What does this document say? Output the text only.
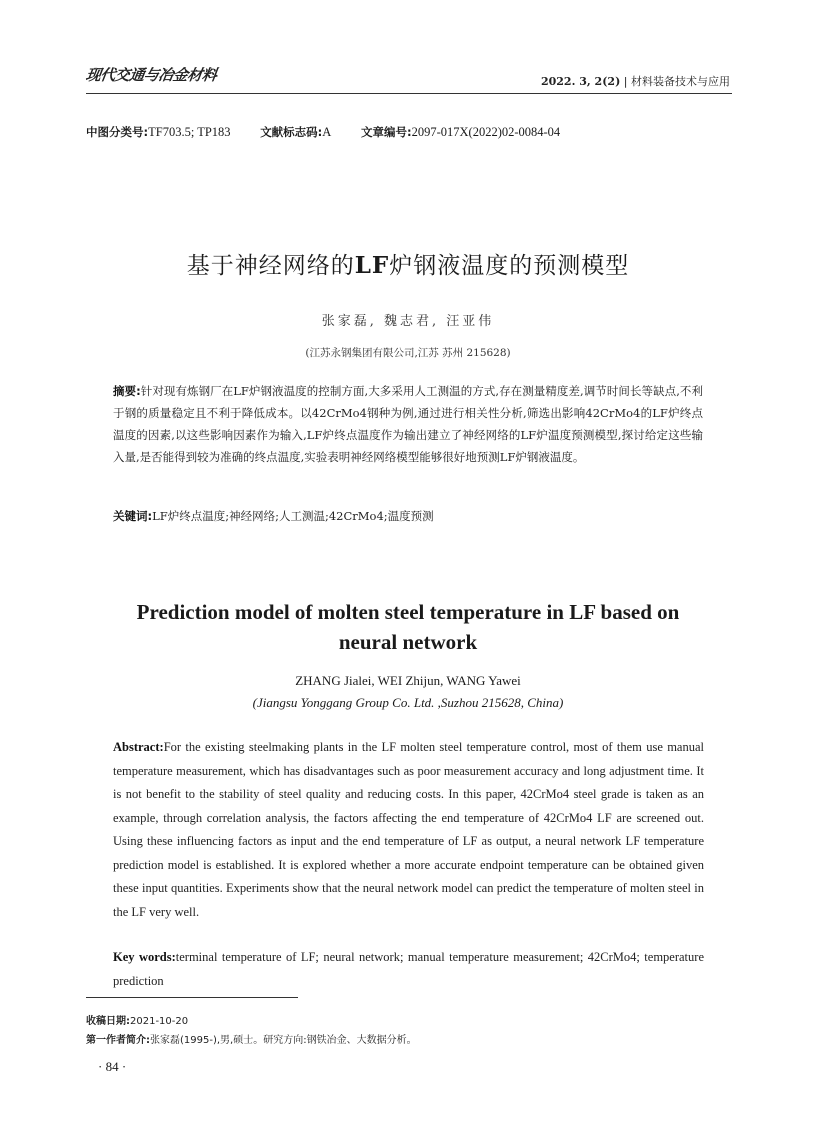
现代交通与冶金材料	2022. 3, 2(2) | 材料装备技术与应用
中图分类号:TF703.5; TP183	文献标志码:A	文章编号:2097-017X(2022)02-0084-04
基于神经网络的LF炉钢液温度的预测模型
张家磊, 魏志君, 汪亚伟
(江苏永钢集团有限公司,江苏 苏州 215628)
摘要:针对现有炼钢厂在LF炉钢液温度的控制方面,大多采用人工测温的方式,存在测量精度差,调节时间长等缺点,不利于钢的质量稳定且不利于降低成本。以42CrMo4钢种为例,通过进行相关性分析,筛选出影响42CrMo4的LF炉终点温度的因素,以这些影响因素作为输入,LF炉终点温度作为输出建立了神经网络的LF炉温度预测模型,探讨给定这些输入量,是否能得到较为准确的终点温度,实验表明神经网络模型能够很好地预测LF炉钢液温度。
关键词:LF炉终点温度;神经网络;人工测温;42CrMo4;温度预测
Prediction model of molten steel temperature in LF based on neural network
ZHANG Jialei, WEI Zhijun, WANG Yawei
(Jiangsu Yonggang Group Co. Ltd. ,Suzhou 215628, China)
Abstract:For the existing steelmaking plants in the LF molten steel temperature control, most of them use manual temperature measurement, which has disadvantages such as poor measurement accuracy and long adjustment time. It is not benefit to the stability of steel quality and reducing costs. In this paper, 42CrMo4 steel grade is taken as an example, through correlation analysis, the factors affecting the end temperature of 42CrMo4 LF are screened out. Using these influencing factors as input and the end temperature of LF as output, a neural network LF temperature prediction model is established. It is explored whether a more accurate endpoint temperature can be obtained given these input quantities. Experiments show that the neural network model can predict the temperature of molten steel in the LF very well.
Key words:terminal temperature of LF; neural network; manual temperature measurement; 42CrMo4; temperature prediction
收稿日期:2021-10-20
第一作者简介:张家磊(1995-),男,硕士。研究方向:钢铁冶金、大数据分析。
· 84 ·
